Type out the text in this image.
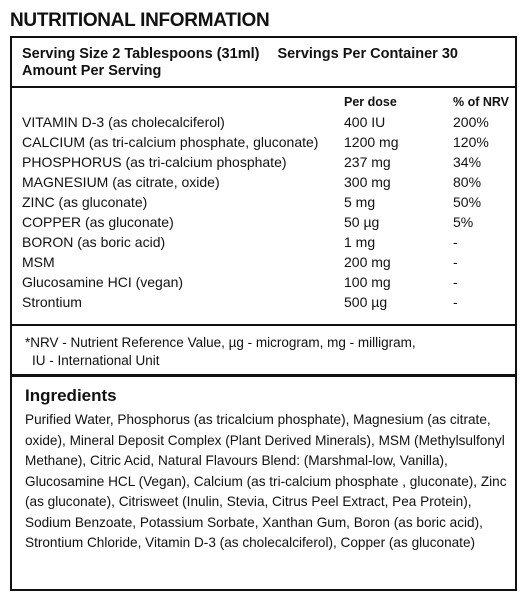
NUTRITIONAL INFORMATION
Serving Size 2 Tablespoons (31ml) Servings Per Container 30
Amount Per Serving
Per dose	% of NRV
VITAMIN D-3 (as cholecalciferol)	400 IU	200%
CALCIUM (as tri-calcium phosphate, gluconate) 1200 mg	120%
PHOSPHORUS (as tri-calcium phosphate)	237 mg	34%
MAGNESIUM (as citrate, oxide)	300 mg	80%
ZINC (as gluconate)	5 mg	50%
COPPER (as gluconate)	50 µg	5%
BORON (as boric acid)	1 mg	-
MSM	200 mg	-
Glucosamine HCI (vegan)	100 mg	-
Strontium	500 µg	-
*NRV - Nutrient Reference Value, µg - microgram, mg - milligram,
IU - International Unit
Ingredients
Purified Water, Phosphorus (as tricalcium phosphate), Magnesium (as citrate, oxide), Mineral Deposit Complex (Plant Derived Minerals), MSM (Methylsulfonyl Methane), Citric Acid, Natural Flavours Blend: (Marshmal-low, Vanilla), Glucosamine HCL (Vegan), Calcium (as tri-calcium phosphate , gluconate), Zinc (as gluconate), Citrisweet (Inulin, Stevia, Citrus Peel Extract, Pea Protein), Sodium Benzoate, Potassium Sorbate, Xanthan Gum, Boron (as boric acid), Strontium Chloride, Vitamin D-3 (as cholecalciferol), Copper (as gluconate)
